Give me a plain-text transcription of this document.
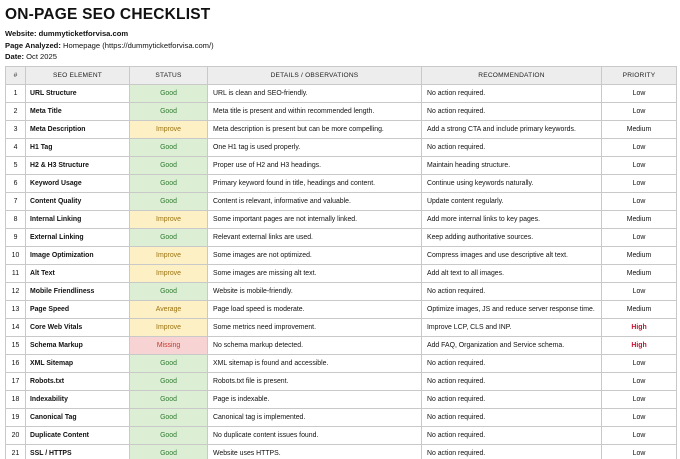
ON-PAGE SEO CHECKLIST
Website: dummyticketforvisa.com
Page Analyzed: Homepage (https://dummyticketforvisa.com/)
Date: Oct 2025
#	SEO ELEMENT	STATUS	DETAILS / OBSERVATIONS	RECOMMENDATION	PRIORITY
1	URL Structure	Good	URL is clean and SEO-friendly.	No action required.	Low
2	Meta Title	Good	Meta title is present and within recommended length.	No action required.	Low
3	Meta Description	Improve	Meta description is present but can be more compelling.	Add a strong CTA and include primary keywords.	Medium
4	H1 Tag	Good	One H1 tag is used properly.	No action required.	Low
5	H2 & H3 Structure	Good	Proper use of H2 and H3 headings.	Maintain heading structure.	Low
6	Keyword Usage	Good	Primary keyword found in title, headings and content.	Continue using keywords naturally.	Low
7	Content Quality	Good	Content is relevant, informative and valuable.	Update content regularly.	Low
8	Internal Linking	Improve	Some important pages are not internally linked.	Add more internal links to key pages.	Medium
9	External Linking	Good	Relevant external links are used.	Keep adding authoritative sources.	Low
10	Image Optimization	Improve	Some images are not optimized.	Compress images and use descriptive alt text.	Medium
11	Alt Text	Improve	Some images are missing alt text.	Add alt text to all images.	Medium
12	Mobile Friendliness	Good	Website is mobile-friendly.	No action required.	Low
13	Page Speed	Average	Page load speed is moderate.	Optimize images, JS and reduce server response time.	Medium
14	Core Web Vitals	Improve	Some metrics need improvement.	Improve LCP, CLS and INP.	High
15	Schema Markup	Missing	No schema markup detected.	Add FAQ, Organization and Service schema.	High
16	XML Sitemap	Good	XML sitemap is found and accessible.	No action required.	Low
17	Robots.txt	Good	Robots.txt file is present.	No action required.	Low
18	Indexability	Good	Page is indexable.	No action required.	Low
19	Canonical Tag	Good	Canonical tag is implemented.	No action required.	Low
20	Duplicate Content	Good	No duplicate content issues found.	No action required.	Low
21	SSL / HTTPS	Good	Website uses HTTPS.	No action required.	Low
